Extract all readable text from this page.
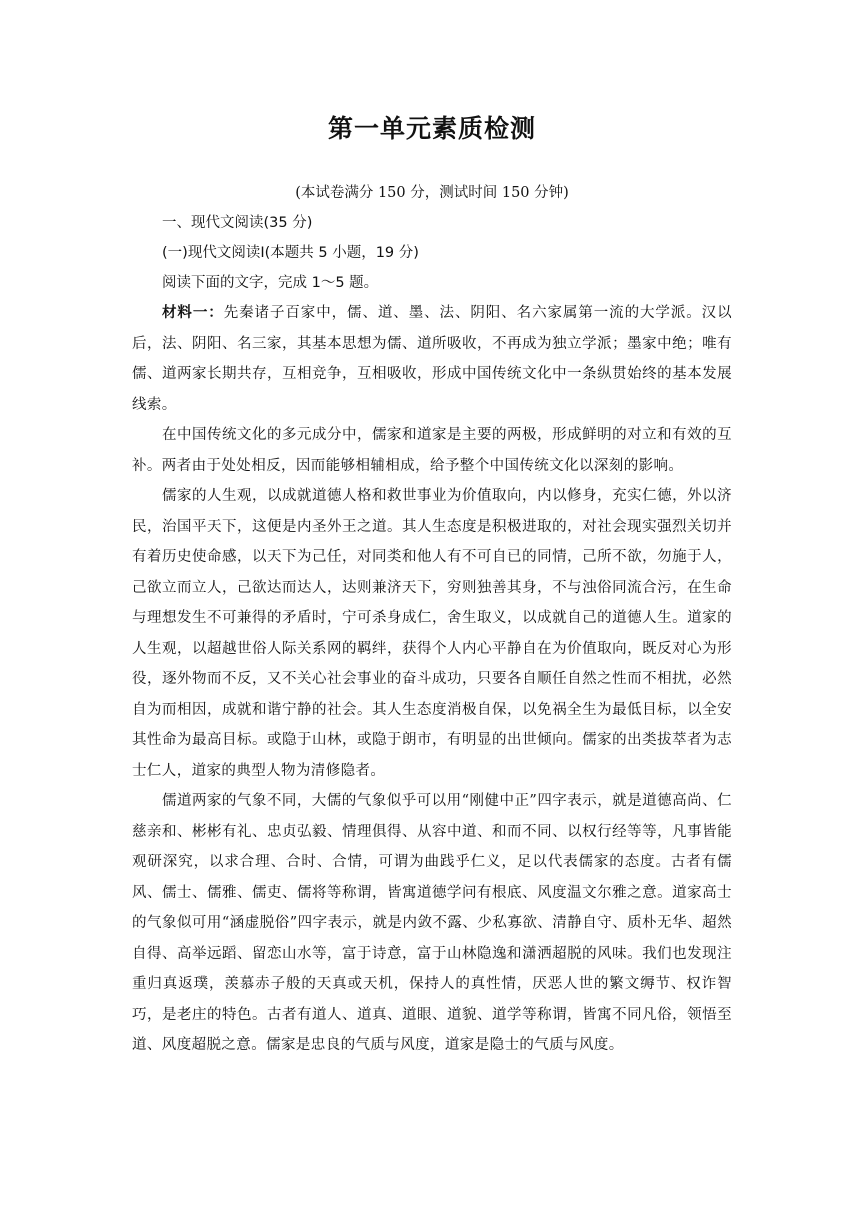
第一单元素质检测

(本试卷满分 150 分，测试时间 150 分钟)

一、现代文阅读(35 分)

(一)现代文阅读Ⅰ(本题共 5 小题，19 分)

阅读下面的文字，完成 1～5 题。

材料一：先秦诸子百家中，儒、道、墨、法、阴阳、名六家属第一流的大学派。汉以后，法、阴阳、名三家，其基本思想为儒、道所吸收，不再成为独立学派；墨家中绝；唯有儒、道两家长期共存，互相竞争，互相吸收，形成中国传统文化中一条纵贯始终的基本发展线索。

在中国传统文化的多元成分中，儒家和道家是主要的两极，形成鲜明的对立和有效的互补。两者由于处处相反，因而能够相辅相成，给予整个中国传统文化以深刻的影响。

儒家的人生观，以成就道德人格和救世事业为价值取向，内以修身，充实仁德，外以济民，治国平天下，这便是内圣外王之道。其人生态度是积极进取的，对社会现实强烈关切并有着历史使命感，以天下为己任，对同类和他人有不可自已的同情，己所不欲，勿施于人，己欲立而立人，己欲达而达人，达则兼济天下，穷则独善其身，不与浊俗同流合污，在生命与理想发生不可兼得的矛盾时，宁可杀身成仁，舍生取义，以成就自己的道德人生。道家的人生观，以超越世俗人际关系网的羁绊，获得个人内心平静自在为价值取向，既反对心为形役，逐外物而不反，又不关心社会事业的奋斗成功，只要各自顺任自然之性而不相扰，必然自为而相因，成就和谐宁静的社会。其人生态度消极自保，以免祸全生为最低目标，以全安其性命为最高目标。或隐于山林，或隐于朗市，有明显的出世倾向。儒家的出类拔萃者为志士仁人，道家的典型人物为清修隐者。

儒道两家的气象不同，大儒的气象似乎可以用“刚健中正”四字表示，就是道德高尚、仁慈亲和、彬彬有礼、忠贞弘毅、情理俱得、从容中道、和而不同、以权行经等等，凡事皆能观研深究，以求合理、合时、合情，可谓为曲践乎仁义，足以代表儒家的态度。古者有儒风、儒士、儒雅、儒吏、儒将等称谓，皆寓道德学问有根底、风度温文尔雅之意。道家高士的气象似可用“涵虚脱俗”四字表示，就是内敛不露、少私寡欲、清静自守、质朴无华、超然自得、高举远蹈、留恋山水等，富于诗意，富于山林隐逸和潇洒超脱的风味。我们也发现注重归真返璞，羡慕赤子般的天真或天机，保持人的真性情，厌恶人世的繁文缛节、权诈智巧，是老庄的特色。古者有道人、道真、道眼、道貌、道学等称谓，皆寓不同凡俗，领悟至道、风度超脱之意。儒家是忠良的气质与风度，道家是隐士的气质与风度。
